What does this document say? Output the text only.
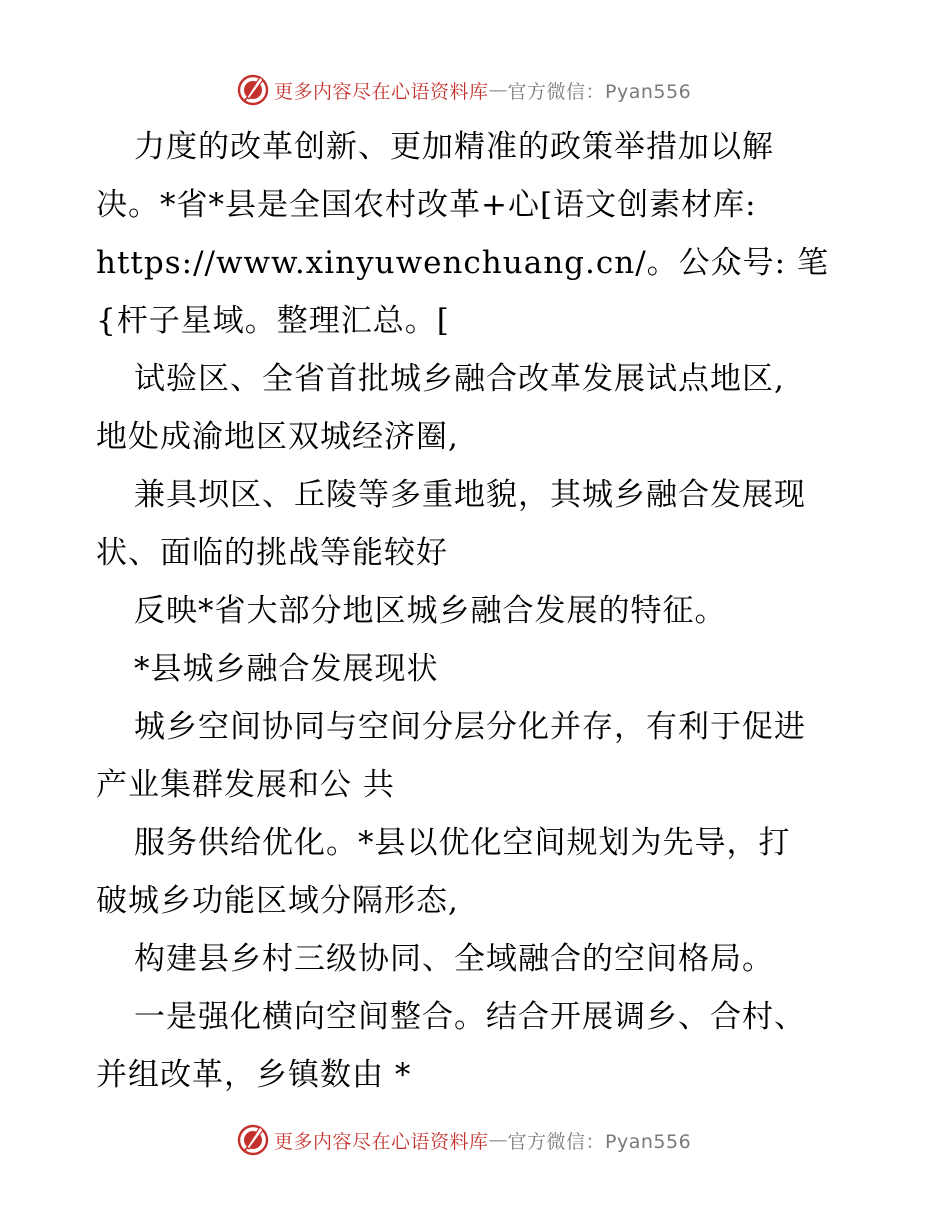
更多内容尽在心语资料库 — 官方微信：Pyan556
力度的改革创新、更加精准的政策举措加以解
决。*省*县是全国农村改革+心[语文创素材库:
https://www.xinyuwenchuang.cn/。公众号: 笔
{杆子星域。整理汇总。[
试验区、全省首批城乡融合改革发展试点地区,
地处成渝地区双城经济圈,
兼具坝区、丘陵等多重地貌，其城乡融合发展现
状、面临的挑战等能较好
反映*省大部分地区城乡融合发展的特征。
*县城乡融合发展现状
城乡空间协同与空间分层分化并存，有利于促进
产业集群发展和公 共
服务供给优化。*县以优化空间规划为先导，打
破城乡功能区域分隔形态,
构建县乡村三级协同、全域融合的空间格局。
一是强化横向空间整合。结合开展调乡、合村、
并组改革，乡镇数由 *
更多内容尽在心语资料库 — 官方微信：Pyan556
